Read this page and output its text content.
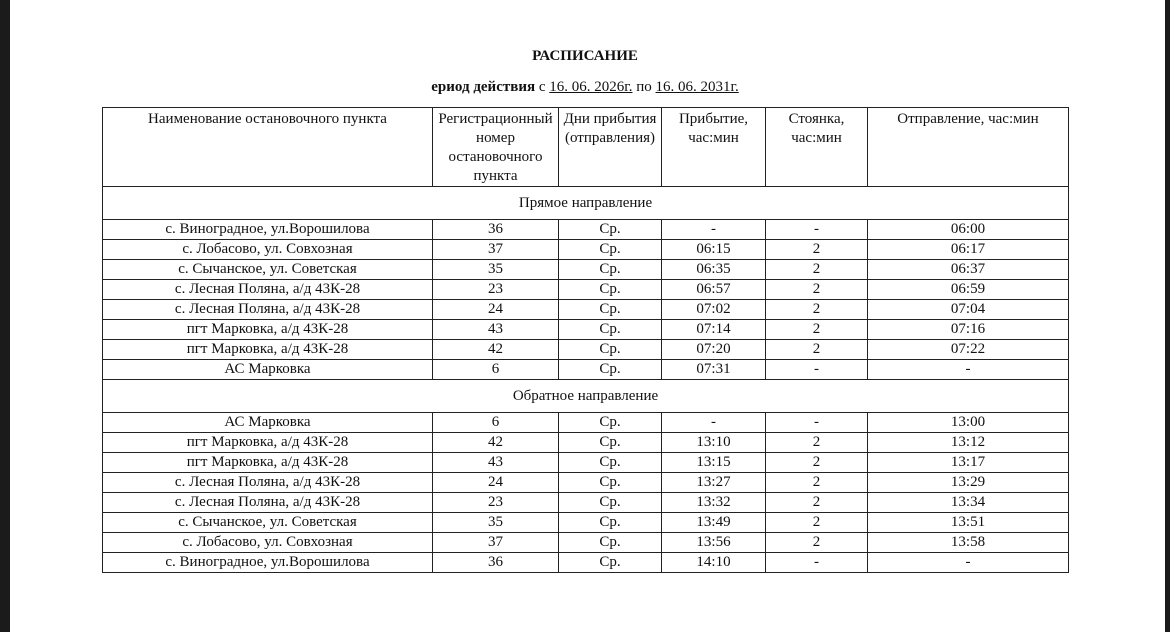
РАСПИСАНИЕ
ериод действия с 16. 06. 2026г. по 16. 06. 2031г.
Наименование остановочного пункта	Регистрационный номер остановочного пункта	Дни прибытия (отправления)	Прибытие, час:мин	Стоянка, час:мин	Отправление, час:мин
Прямое направление					
с. Виноградное, ул.Ворошилова	36	Ср.	-	-	06:00
с. Лобасово, ул. Совхозная	37	Ср.	06:15	2	06:17
с. Сычанское, ул. Советская	35	Ср.	06:35	2	06:37
с. Лесная Поляна, а/д 43К-28	23	Ср.	06:57	2	06:59
с. Лесная Поляна, а/д 43К-28	24	Ср.	07:02	2	07:04
пгт Марковка, а/д 43К-28	43	Ср.	07:14	2	07:16
пгт Марковка, а/д 43К-28	42	Ср.	07:20	2	07:22
АС Марковка	6	Ср.	07:31	-	-
Обратное направление					
АС Марковка	6	Ср.	-	-	13:00
пгт Марковка, а/д 43К-28	42	Ср.	13:10	2	13:12
пгт Марковка, а/д 43К-28	43	Ср.	13:15	2	13:17
с. Лесная Поляна, а/д 43К-28	24	Ср.	13:27	2	13:29
с. Лесная Поляна, а/д 43К-28	23	Ср.	13:32	2	13:34
с. Сычанское, ул. Советская	35	Ср.	13:49	2	13:51
с. Лобасово, ул. Совхозная	37	Ср.	13:56	2	13:58
с. Виноградное, ул.Ворошилова	36	Ср.	14:10	-	-
